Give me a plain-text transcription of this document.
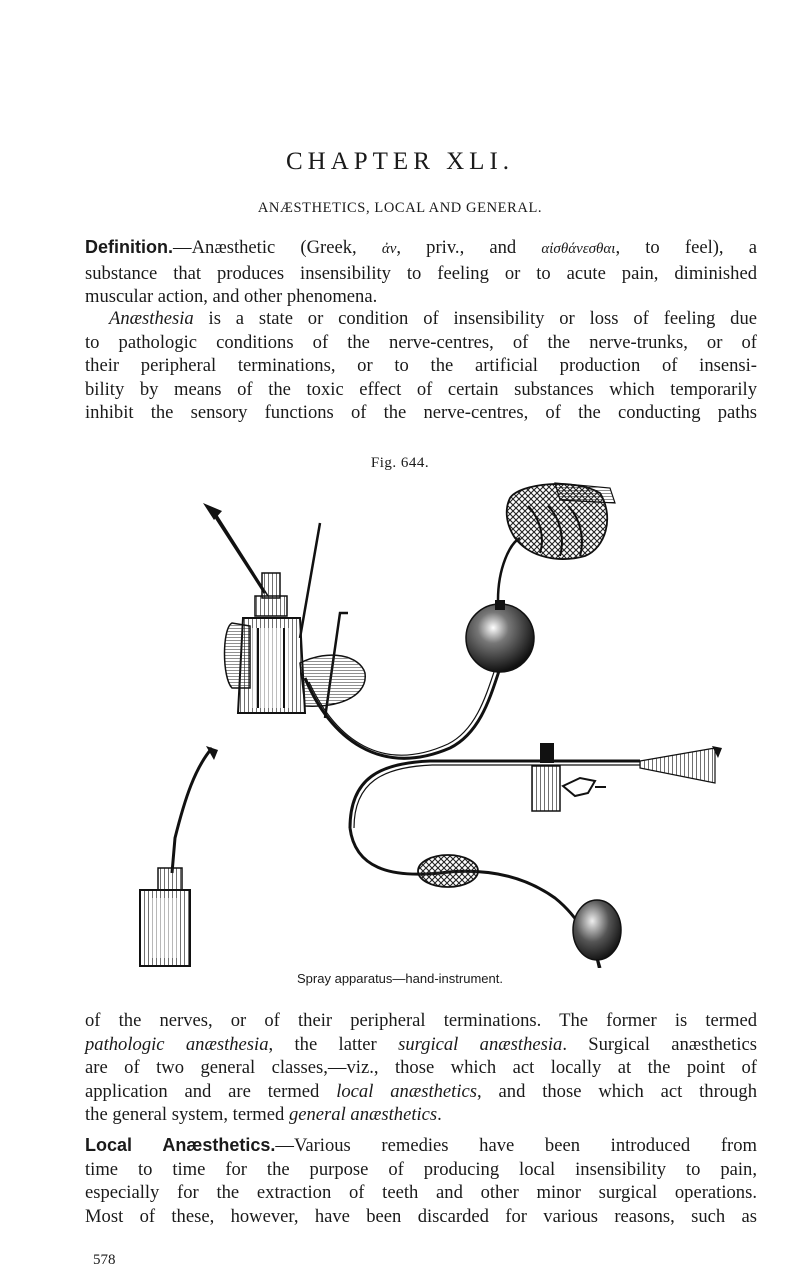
CHAPTER XLI.
ANÆSTHETICS, LOCAL AND GENERAL.
Definition.—Anæsthetic (Greek, ἀν, priv., and αἰσθάνεσθαι, to feel), a
substance that produces insensibility to feeling or to acute pain, diminished
muscular action, and other phenomena.
Anæsthesia is a state or condition of insensibility or loss of feeling due
to pathologic conditions of the nerve-centres, of the nerve-trunks, or of
their peripheral terminations, or to the artificial production of insensi-
bility by means of the toxic effect of certain substances which temporarily
inhibit the sensory functions of the nerve-centres, of the conducting paths
Fig. 644.
Spray apparatus—hand-instrument.
of the nerves, or of their peripheral terminations. The former is termed
pathologic anæsthesia, the latter surgical anæsthesia. Surgical anæsthetics
are of two general classes,—viz., those which act locally at the point of
application and are termed local anæsthetics, and those which act through
the general system, termed general anæsthetics.
Local Anæsthetics.—Various remedies have been introduced from
time to time for the purpose of producing local insensibility to pain,
especially for the extraction of teeth and other minor surgical operations.
Most of these, however, have been discarded for various reasons, such as
578
